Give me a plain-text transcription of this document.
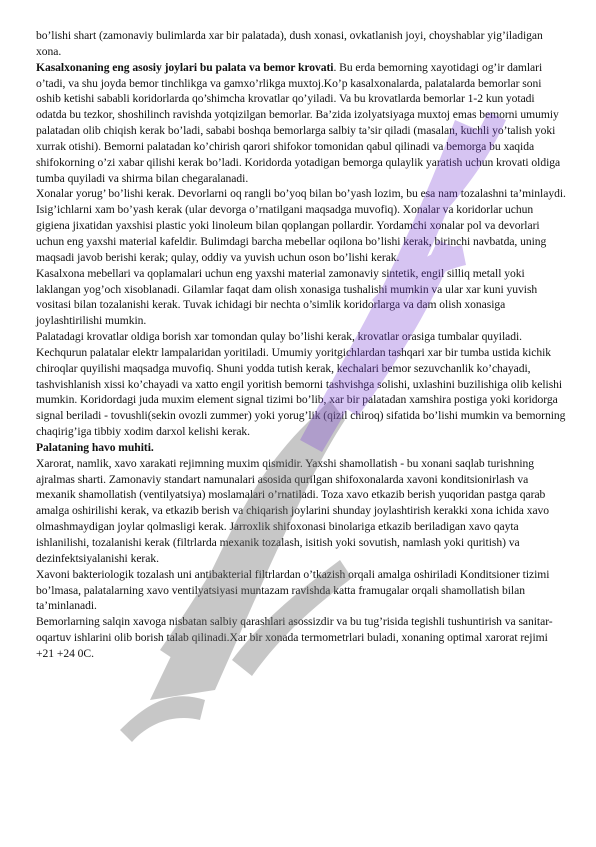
bo’lishi shart (zamonaviy bulimlarda xar bir palatada), dush xonasi, ovkatlanish joyi, choyshablar yig’iladigan xona.

Kasalxonaning eng asosiy joylari bu palata va bemor krovati. Bu erda bemorning xayotidagi og’ir damlari o’tadi, va shu joyda bemor tinchlikga va gamxo’rlikga muxtoj.Ko’p kasalxonalarda, palatalarda bemorlar soni oshib ketishi sababli koridorlarda qo’shimcha krovatlar qo’yiladi. Va bu krovatlarda bemorlar 1-2 kun yotadi odatda bu tezkor, shoshilinch ravishda yotqizilgan bemorlar. Ba’zida izolyatsiyaga muxtoj emas bemorni umumiy palatadan olib chiqish kerak bo’ladi, sababi boshqa bemorlarga salbiy ta’sir qiladi (masalan, kuchli yo’talish yoki xurrak otishi). Bemorni palatadan ko’chirish qarori shifokor tomonidan qabul qilinadi va bemorga bu xaqida shifokorning o’zi xabar qilishi kerak bo’ladi. Koridorda yotadigan bemorga qulaylik yaratish uchun krovati oldiga tumba quyiladi va shirma bilan chegaralanadi.

Xonalar yorug’ bo’lishi kerak. Devorlarni oq rangli bo’yoq bilan bo’yash lozim, bu esa nam tozalashni ta’minlaydi. Isig’ichlarni xam bo’yash kerak (ular devorga o’rnatilgani maqsadga muvofiq). Xonalar va koridorlar uchun gigiena jixatidan yaxshisi plastic yoki linoleum bilan qoplangan pollardir. Yordamchi xonalar pol va devorlari uchun eng yaxshi material kafeldir. Bulimdagi barcha mebellar oqilona bo’lishi kerak, birinchi navbatda, uning maqsadi javob berishi kerak; qulay, oddiy va yuvish uchun oson bo’lishi kerak.

Kasalxona mebellari va qoplamalari uchun eng yaxshi material zamonaviy sintetik, engil silliq metall yoki laklangan yog’och xisoblanadi. Gilamlar faqat dam olish xonasiga tushalishi mumkin va ular xar kuni yuvish vositasi bilan tozalanishi kerak. Tuvak ichidagi bir nechta o’simlik koridorlarga va dam olish xonasiga joylashtirilishi mumkin.

Palatadagi krovatlar oldiga borish xar tomondan qulay bo’lishi kerak, krovatlar orasiga tumbalar quyiladi. Kechqurun palatalar elektr lampalaridan yoritiladi. Umumiy yoritgichlardan tashqari xar bir tumba ustida kichik chiroqlar quyilishi maqsadga muvofiq. Shuni yodda tutish kerak, kechalari bemor sezuvchanlik ko’chayadi, tashvishlanish xissi ko’chayadi va xatto engil yoritish bemorni tashvishga solishi, uxlashini buzilishiga olib kelishi mumkin. Koridordagi juda muxim element signal tizimi bo’lib, xar bir palatadan xamshira postiga yoki koridorga signal beriladi - tovushli(sekin ovozli zummer) yoki yorug’lik (qizil chiroq) sifatida bo’lishi mumkin va bemorning chaqirig’iga tibbiy xodim darxol kelishi kerak.

Palataning havo muhiti.

Xarorat, namlik, xavo xarakati rejimning muxim qismidir. Yaxshi shamollatish - bu xonani saqlab turishning ajralmas sharti. Zamonaviy standart namunalari asosida qurilgan shifoxonalarda xavoni konditsionirlash va mexanik shamollatish (ventilyatsiya) moslamalari o’rnatiladi. Toza xavo etkazib berish yuqoridan pastga qarab amalga oshirilishi kerak, va etkazib berish va chiqarish joylarini shunday joylashtirish kerakki xona ichida xavo olmashmaydigan joylar qolmasligi kerak. Jarroxlik shifoxonasi binolariga etkazib beriladigan xavo qayta ishlanilishi, tozalanishi kerak (filtrlarda mexanik tozalash, isitish yoki sovutish, namlash yoki quritish) va dezinfektsiyalanishi kerak.

Xavoni bakteriologik tozalash uni antibakterial filtrlardan o’tkazish orqali amalga oshiriladi Konditsioner tizimi bo’lmasa, palatalarning xavo ventilyatsiyasi muntazam ravishda katta framugalar orqali shamollatish bilan ta’minlanadi.

Bemorlarning salqin xavoga nisbatan salbiy qarashlari asossizdir va bu tug’risida tegishli tushuntirish va sanitar-oqartuv ishlarini olib borish talab qilinadi.Xar bir xonada termometrlari buladi, xonaning optimal xarorat rejimi +21 +24 0C.
